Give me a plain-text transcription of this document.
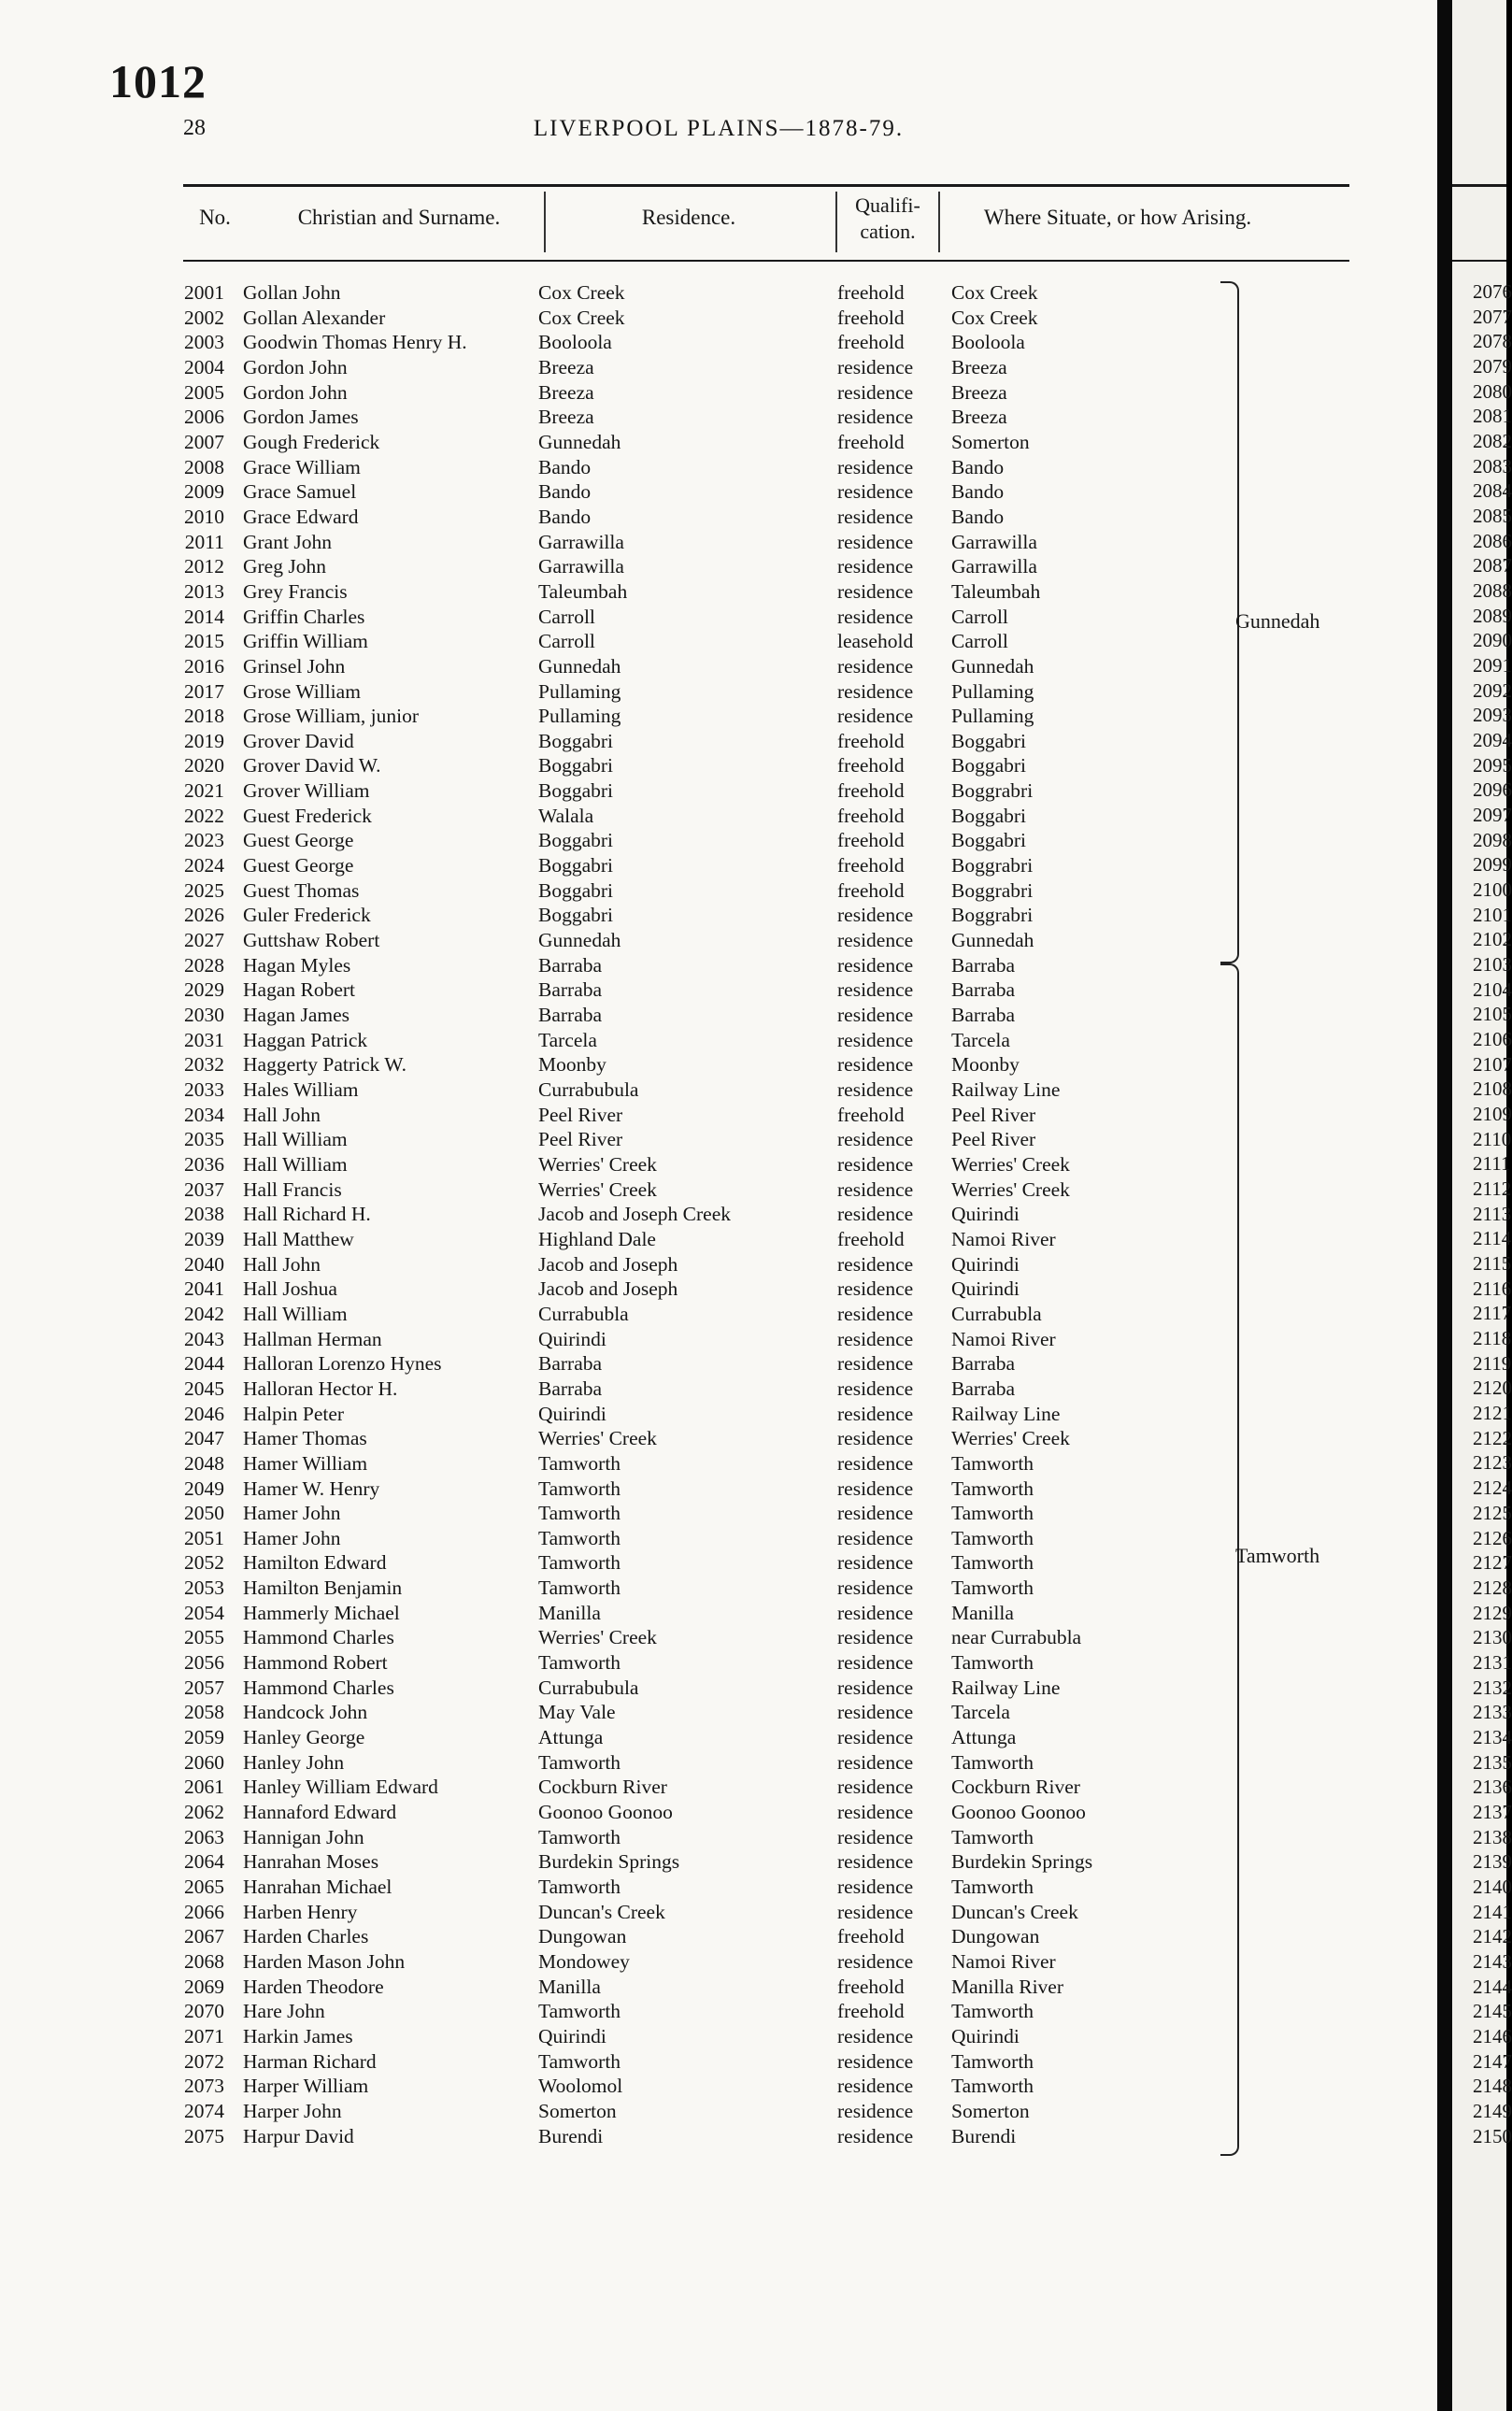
1012
28	LIVERPOOL PLAINS—1878-79.
No.	Christian and Surname.	Residence.
Qualifi-
cation.
Where Situate, or how Arising.
2001 Gollan John	Cox Creek	freehold Cox Creek
2002 Gollan Alexander	Cox Creek	freehold Cox Creek
2003 Goodwin Thomas Henry H.	Booloola	freehold Booloola
2004 Gordon John	Breeza	residence Breeza
2005 Gordon John	Breeza	residence Breeza
2006 Gordon James	Breeza	residence Breeza
2007 Gough Frederick	Gunnedah	freehold Somerton
2008 Grace William	Bando	residence Bando
2009 Grace Samuel	Bando	residence Bando
2010 Grace Edward	Bando	residence Bando
2011 Grant John	Garrawilla	residence Garrawilla
2012 Greg John	Garrawilla	residence Garrawilla
2013 Grey Francis	Taleumbah	residence Taleumbah
2014 Griffin Charles	Carroll	residence Carroll
2015 Griffin William	Carroll	leasehold Carroll
2016 Grinsel John	Gunnedah	residence Gunnedah
2017 Grose William	Pullaming	residence Pullaming
2018 Grose William, junior	Pullaming	residence Pullaming
2019 Grover David	Boggabri	freehold Boggabri
2020 Grover David W.	Boggabri	freehold Boggabri
2021 Grover William	Boggabri	freehold Boggrabri
2022 Guest Frederick	Walala	freehold Boggabri
2023 Guest George	Boggabri	freehold Boggabri
2024 Guest George	Boggabri	freehold Boggrabri
2025 Guest Thomas	Boggabri	freehold Boggrabri
2026 Guler Frederick	Boggabri	residence Boggrabri
2027 Guttshaw Robert	Gunnedah	residence Gunnedah
2028 Hagan Myles	Barraba	residence Barraba
2029 Hagan Robert	Barraba	residence Barraba
2030 Hagan James	Barraba	residence Barraba
2031 Haggan Patrick	Tarcela	residence Tarcela
2032 Haggerty Patrick W.	Moonby	residence Moonby
2033 Hales William	Currabubula	residence Railway Line
2034 Hall John	Peel River	freehold Peel River
2035 Hall William	Peel River	residence Peel River
2036 Hall William	Werries' Creek	residence Werries' Creek
2037 Hall Francis	Werries' Creek	residence Werries' Creek
2038 Hall Richard H.	Jacob and Joseph Creek	residence Quirindi
2039 Hall Matthew	Highland Dale	freehold Namoi River
2040 Hall John	Jacob and Joseph	residence Quirindi
2041 Hall Joshua	Jacob and Joseph	residence Quirindi
2042 Hall William	Currabubla	residence Currabubla
2043 Hallman Herman	Quirindi	residence Namoi River
2044 Halloran Lorenzo Hynes	Barraba	residence Barraba
2045 Halloran Hector H.	Barraba	residence Barraba
2046 Halpin Peter	Quirindi	residence Railway Line
2047 Hamer Thomas	Werries' Creek	residence Werries' Creek
2048 Hamer William	Tamworth	residence Tamworth
2049 Hamer W. Henry	Tamworth	residence Tamworth
2050 Hamer John	Tamworth	residence Tamworth
2051 Hamer John	Tamworth	residence Tamworth
2052 Hamilton Edward	Tamworth	residence Tamworth
2053 Hamilton Benjamin	Tamworth	residence Tamworth
2054 Hammerly Michael	Manilla	residence Manilla
2055 Hammond Charles	Werries' Creek	residence near Currabubla
2056 Hammond Robert	Tamworth	residence Tamworth
2057 Hammond Charles	Currabubula	residence Railway Line
2058 Handcock John	May Vale	residence Tarcela
2059 Hanley George	Attunga	residence Attunga
2060 Hanley John	Tamworth	residence Tamworth
2061 Hanley William Edward	Cockburn River	residence Cockburn River
2062 Hannaford Edward	Goonoo Goonoo	residence Goonoo Goonoo
2063 Hannigan John	Tamworth	residence Tamworth
2064 Hanrahan Moses	Burdekin Springs	residence Burdekin Springs
2065 Hanrahan Michael	Tamworth	residence Tamworth
2066 Harben Henry	Duncan's Creek	residence Duncan's Creek
2067 Harden Charles	Dungowan	freehold Dungowan
2068 Harden Mason John	Mondowey	residence Namoi River
2069 Harden Theodore	Manilla	freehold Manilla River
2070 Hare John	Tamworth	freehold Tamworth
2071 Harkin James	Quirindi	residence Quirindi
2072 Harman Richard	Tamworth	residence Tamworth
2073 Harper William	Woolomol	residence Tamworth
2074 Harper John	Somerton	residence Somerton
2075 Harpur David	Burendi	residence Burendi
Gunnedah
Tamworth
2076
2077
2078
2079
2080
2081
2082
2083
2084
2085
2086
2087
2088
2089
2090
2091
2092
2093
2094
2095
2096
2097
2098
2099
2100
2101
2102
2103
2104
2105
2106
2107
2108
2109
2110
2111
2112
2113
2114
2115
2116
2117
2118
2119
2120
2121
2122
2123
2124
2125
2126
2127
2128
2129
2130
2131
2132
2133
2134
2135
2136
2137
2138
2139
2140
2141
2142
2143
2144
2145
2146
2147
2148
2149
2150
